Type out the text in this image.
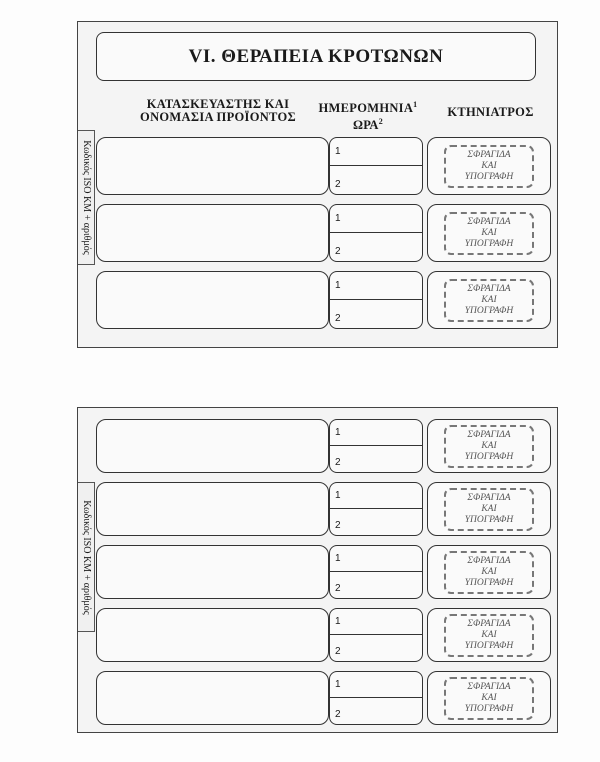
VI. ΘΕΡΑΠΕΙΑ ΚΡΟΤΩΝΩΝ
ΚΑΤΑΣΚΕΥΑΣΤΗΣ ΚΑΙ ΟΝΟΜΑΣΙΑ ΠΡΟΪΟΝΤΟΣ
ΗΜΕΡΟΜΗΝΙΑ$^1$
ΩΡΑ$^2$
ΚΤΗΝΙΑΤΡΟΣ
Κωδικός ISO KM + αριθμός	1
2
ΣΦΡΑΓΙΔΑ
ΚΑΙ
ΥΠΟΓΡΑΦΗ
1
2
ΣΦΡΑΓΙΔΑ
ΚΑΙ
ΥΠΟΓΡΑΦΗ
1
2
ΣΦΡΑΓΙΔΑ
ΚΑΙ
ΥΠΟΓΡΑΦΗ
Κωδικός ISO KM + αριθμός
1
2
ΣΦΡΑΓΙΔΑ
ΚΑΙ
ΥΠΟΓΡΑΦΗ
1
2
ΣΦΡΑΓΙΔΑ
ΚΑΙ
ΥΠΟΓΡΑΦΗ
1
2
ΣΦΡΑΓΙΔΑ
ΚΑΙ
ΥΠΟΓΡΑΦΗ
1
2
ΣΦΡΑΓΙΔΑ
ΚΑΙ
ΥΠΟΓΡΑΦΗ
1
2
ΣΦΡΑΓΙΔΑ
ΚΑΙ
ΥΠΟΓΡΑΦΗ
